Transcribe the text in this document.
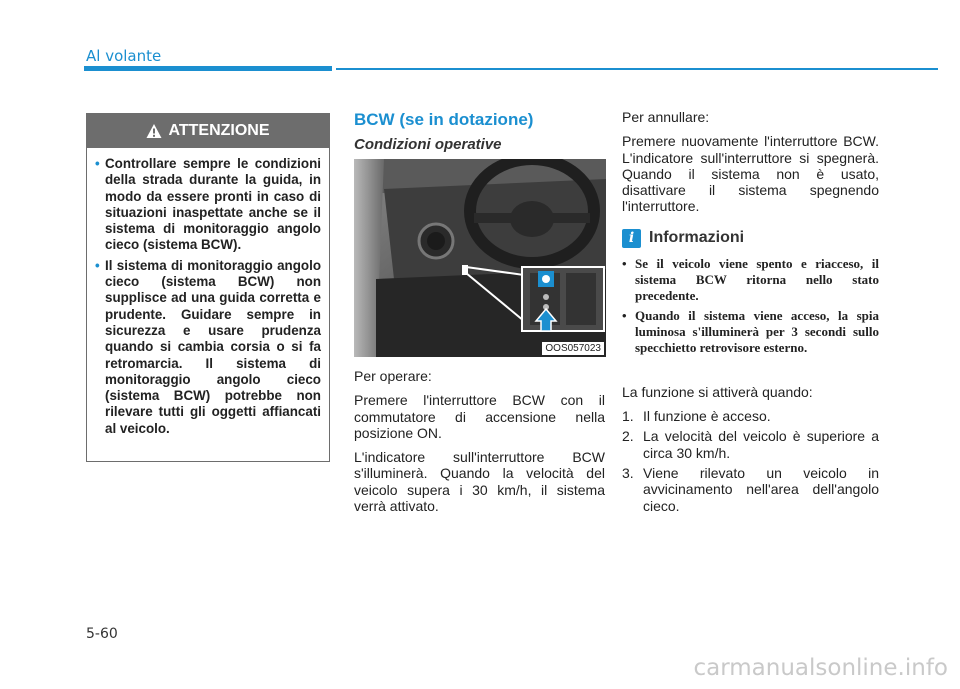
Al volante
ATTENZIONE
• Controllare sempre le condizioni della strada durante la guida, in modo da essere pronti in caso di situazioni inaspettate anche se il sistema di monitoraggio angolo cieco (sistema BCW).
• Il sistema di monitoraggio angolo cieco (sistema BCW) non supplisce ad una guida corretta e prudente. Guidare sempre in sicurezza e usare prudenza quando si cambia corsia o si fa retromarcia. Il sistema di monitoraggio angolo cieco (sistema BCW) potrebbe non rilevare tutti gli oggetti affiancati al veicolo.
BCW (se in dotazione)
Condizioni operative
OOS057023

Per operare:

Premere l'interruttore BCW con il commutatore di accensione nella posizione ON.

L'indicatore sull'interruttore BCW s'illuminerà. Quando la velocità del veicolo supera i 30 km/h, il sistema verrà attivato.

Per annullare:

Premere nuovamente l'interruttore BCW. L'indicatore sull'interruttore si spegnerà. Quando il sistema non è usato, disattivare il sistema spegnendo l'interruttore.

i Informazioni
• Se il veicolo viene spento e riacceso, il sistema BCW ritorna nello stato precedente.
• Quando il sistema viene acceso, la spia luminosa s'illuminerà per 3 secondi sullo specchietto retrovisore esterno.

La funzione si attiverà quando:

1. Il funzione è acceso.
2. La velocità del veicolo è superiore a circa 30 km/h.
3. Viene rilevato un veicolo in avvicinamento nell'area dell'angolo cieco.
5-60
carmanualsonline.info
